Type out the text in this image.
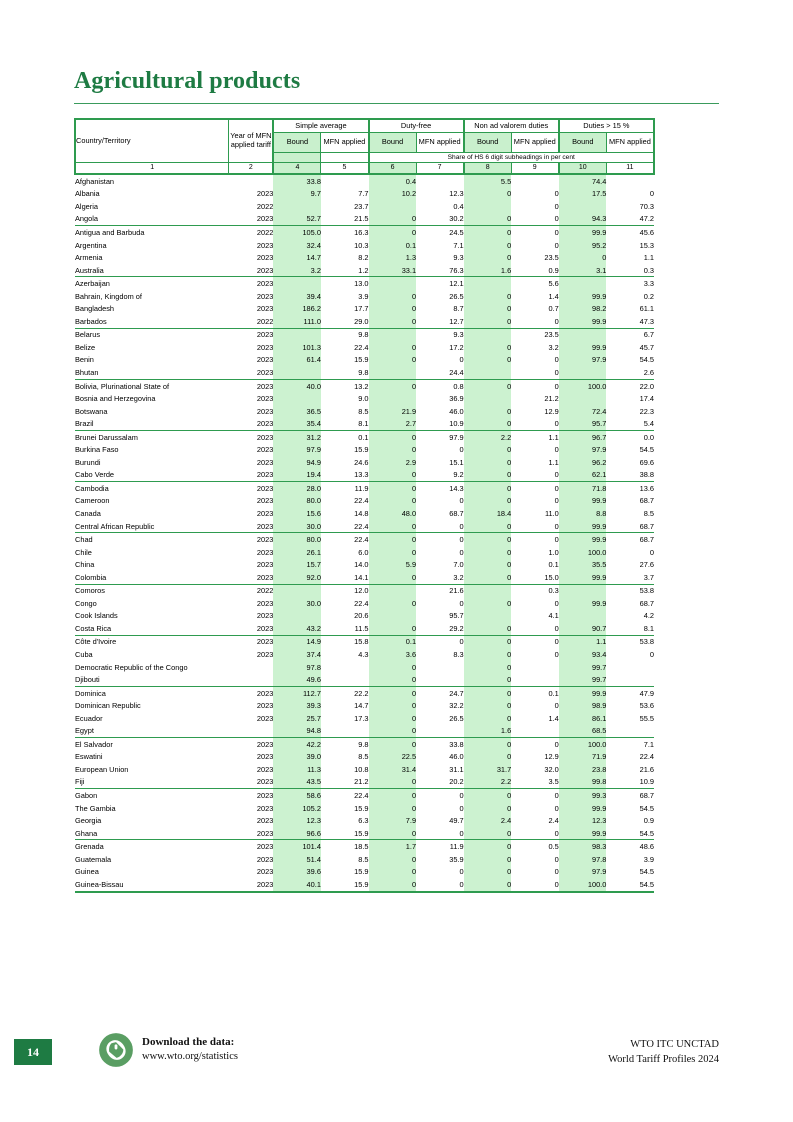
Agricultural products
Country/Territory	Year of MFN applied tariff	Simple average		Duty-free		Non ad valorem duties		Duties > 15 %	
		Bound	MFN applied	Bound	MFN applied	Bound	MFN applied	Bound	MFN applied
				Share of HS 6 digit subheadings in per cent					
1	2	4	5	6	7	8	9	10	11
Afghanistan		33.8		0.4		5.5		74.4	
Albania	2023	9.7	7.7	10.2	12.3	0	0	17.5	0
Algeria	2022		23.7		0.4		0		70.3
Angola	2023	52.7	21.5	0	30.2	0	0	94.3	47.2
Antigua and Barbuda	2022	105.0	16.3	0	24.5	0	0	99.9	45.6
Argentina	2023	32.4	10.3	0.1	7.1	0	0	95.2	15.3
Armenia	2023	14.7	8.2	1.3	9.3	0	23.5	0	1.1
Australia	2023	3.2	1.2	33.1	76.3	1.6	0.9	3.1	0.3
Azerbaijan	2023		13.0		12.1		5.6		3.3
Bahrain, Kingdom of	2023	39.4	3.9	0	26.5	0	1.4	99.9	0.2
Bangladesh	2023	186.2	17.7	0	8.7	0	0.7	98.2	61.1
Barbados	2022	111.0	29.0	0	12.7	0	0	99.9	47.3
Belarus	2023		9.8		9.3		23.5		6.7
Belize	2023	101.3	22.4	0	17.2	0	3.2	99.9	45.7
Benin	2023	61.4	15.9	0	0	0	0	97.9	54.5
Bhutan	2023		9.8		24.4		0		2.6
Bolivia, Plurinational State of	2023	40.0	13.2	0	0.8	0	0	100.0	22.0
Bosnia and Herzegovina	2023		9.0		36.9		21.2		17.4
Botswana	2023	36.5	8.5	21.9	46.0	0	12.9	72.4	22.3
Brazil	2023	35.4	8.1	2.7	10.9	0	0	95.7	5.4
Brunei Darussalam	2023	31.2	0.1	0	97.9	2.2	1.1	96.7	0.0
Burkina Faso	2023	97.9	15.9	0	0	0	0	97.9	54.5
Burundi	2023	94.9	24.6	2.9	15.1	0	1.1	96.2	69.6
Cabo Verde	2023	19.4	13.3	0	9.2	0	0	62.1	38.8
Cambodia	2023	28.0	11.9	0	14.3	0	0	71.8	13.6
Cameroon	2023	80.0	22.4	0	0	0	0	99.9	68.7
Canada	2023	15.6	14.8	48.0	68.7	18.4	11.0	8.8	8.5
Central African Republic	2023	30.0	22.4	0	0	0	0	99.9	68.7
Chad	2023	80.0	22.4	0	0	0	0	99.9	68.7
Chile	2023	26.1	6.0	0	0	0	1.0	100.0	0
China	2023	15.7	14.0	5.9	7.0	0	0.1	35.5	27.6
Colombia	2023	92.0	14.1	0	3.2	0	15.0	99.9	3.7
Comoros	2022		12.0		21.6		0.3		53.8
Congo	2023	30.0	22.4	0	0	0	0	99.9	68.7
Cook Islands	2023		20.6		95.7		4.1		4.2
Costa Rica	2023	43.2	11.5	0	29.2	0	0	90.7	8.1
Côte d'Ivoire	2023	14.9	15.8	0.1	0	0	0	1.1	53.8
Cuba	2023	37.4	4.3	3.6	8.3	0	0	93.4	0
Democratic Republic of the Congo		97.8		0		0		99.7	
Djibouti		49.6		0		0		99.7	
Dominica	2023	112.7	22.2	0	24.7	0	0.1	99.9	47.9
Dominican Republic	2023	39.3	14.7	0	32.2	0	0	98.9	53.6
Ecuador	2023	25.7	17.3	0	26.5	0	1.4	86.1	55.5
Egypt		94.8		0		1.6		68.5	
El Salvador	2023	42.2	9.8	0	33.8	0	0	100.0	7.1
Eswatini	2023	39.0	8.5	22.5	46.0	0	12.9	71.9	22.4
European Union	2023	11.3	10.8	31.4	31.1	31.7	32.0	23.8	21.6
Fiji	2023	43.5	21.2	0	20.2	2.2	3.5	99.8	10.9
Gabon	2023	58.6	22.4	0	0	0	0	99.3	68.7
The Gambia	2023	105.2	15.9	0	0	0	0	99.9	54.5
Georgia	2023	12.3	6.3	7.9	49.7	2.4	2.4	12.3	0.9
Ghana	2023	96.6	15.9	0	0	0	0	99.9	54.5
Grenada	2023	101.4	18.5	1.7	11.9	0	0.5	98.3	48.6
Guatemala	2023	51.4	8.5	0	35.9	0	0	97.8	3.9
Guinea	2023	39.6	15.9	0	0	0	0	97.9	54.5
Guinea-Bissau	2023	40.1	15.9	0	0	0	0	100.0	54.5
14
Download the data:
www.wto.org/statistics
WTO ITC UNCTAD
World Tariff Profiles 2024
